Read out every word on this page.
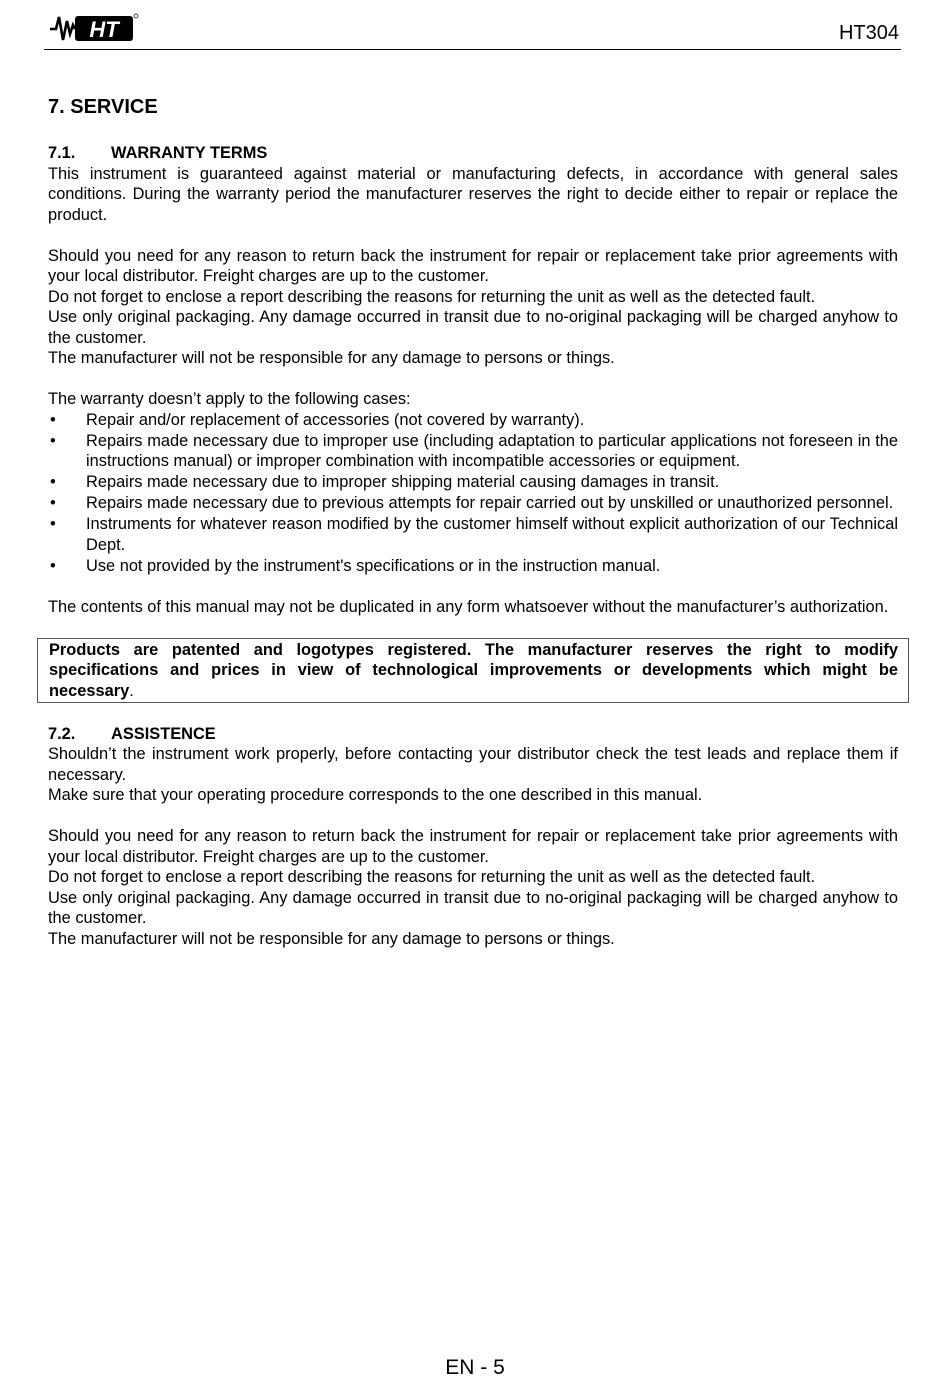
HT	HT304
7. SERVICE
7.1.	WARRANTY TERMS

This instrument is guaranteed against material or manufacturing defects, in accordance with general sales conditions. During the warranty period the manufacturer reserves the right to decide either to repair or replace the product.

Should you need for any reason to return back the instrument for repair or replacement take prior agreements with your local distributor. Freight charges are up to the customer.

Do not forget to enclose a report describing the reasons for returning the unit as well as the detected fault.

Use only original packaging. Any damage occurred in transit due to no-original packaging will be charged anyhow to the customer.

The manufacturer will not be responsible for any damage to persons or things.

The warranty doesn’t apply to the following cases:

• Repair and/or replacement of accessories (not covered by warranty).
• Repairs made necessary due to improper use (including adaptation to particular applications not foreseen in the instructions manual) or improper combination with incompatible accessories or equipment.
• Repairs made necessary due to improper shipping material causing damages in transit.
• Repairs made necessary due to previous attempts for repair carried out by unskilled or unauthorized personnel.
• Instruments for whatever reason modified by the customer himself without explicit authorization of our Technical Dept.
• Use not provided by the instrument's specifications or in the instruction manual.

The contents of this manual may not be duplicated in any form whatsoever without the manufacturer’s authorization.

Products are patented and logotypes registered. The manufacturer reserves the right to modify specifications and prices in view of technological improvements or developments which might be necessary.
7.2.	ASSISTENCE

Shouldn’t the instrument work properly, before contacting your distributor check the test leads and replace them if necessary.

Make sure that your operating procedure corresponds to the one described in this manual.

Should you need for any reason to return back the instrument for repair or replacement take prior agreements with your local distributor. Freight charges are up to the customer.

Do not forget to enclose a report describing the reasons for returning the unit as well as the detected fault.

Use only original packaging. Any damage occurred in transit due to no-original packaging will be charged anyhow to the customer.

The manufacturer will not be responsible for any damage to persons or things.

EN - 5
